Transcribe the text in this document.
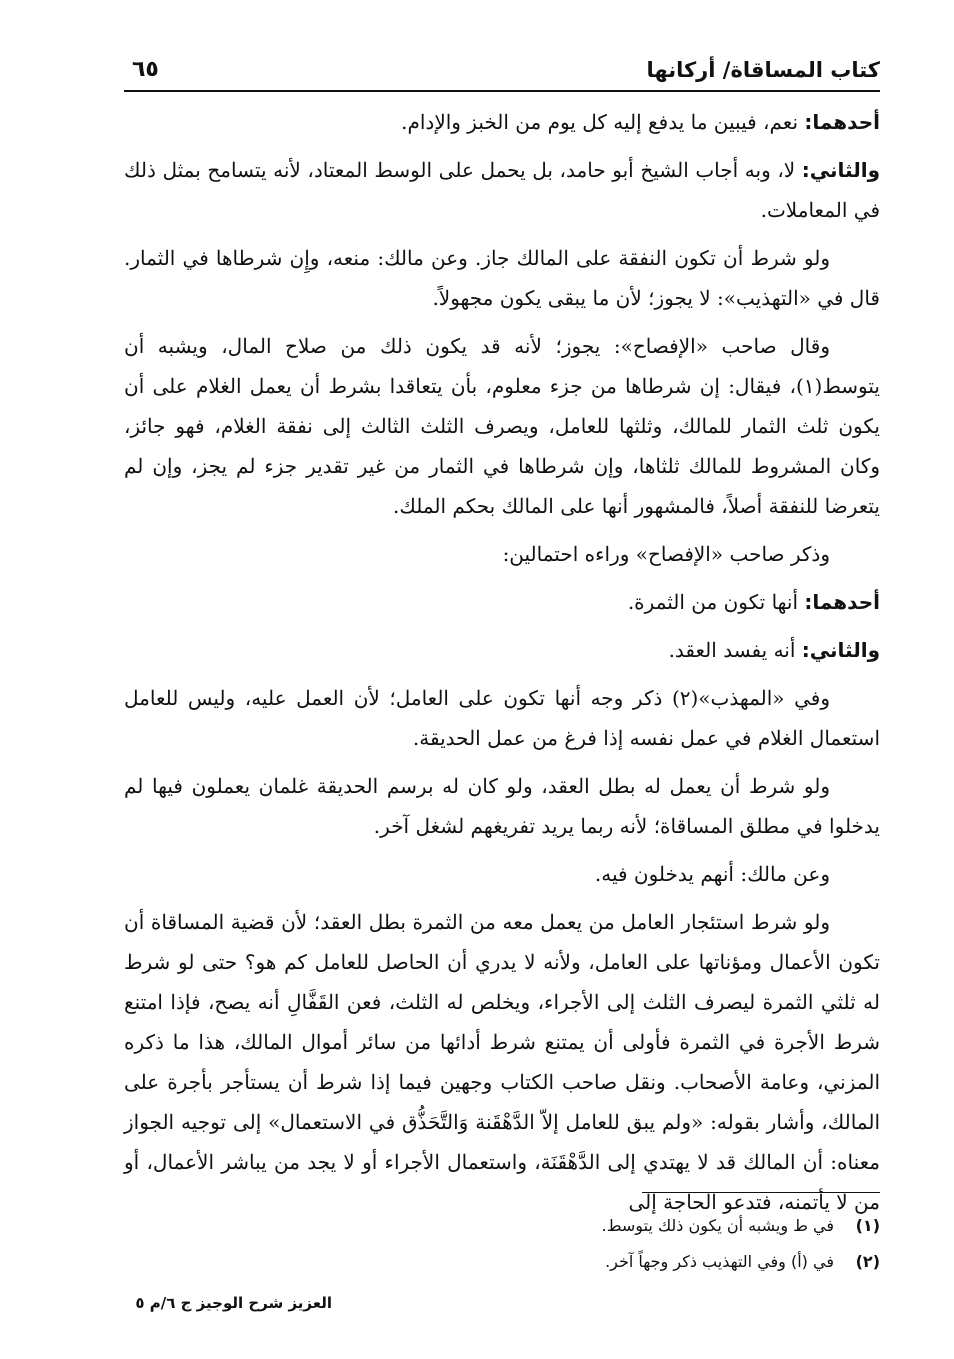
كتاب المساقاة/ أركانها
٦٥

أحدهما: نعم، فيبين ما يدفع إليه كل يوم من الخبز والإدام.

والثاني: لا، وبه أجاب الشيخ أبو حامد، بل يحمل على الوسط المعتاد، لأنه يتسامح بمثل ذلك في المعاملات.

ولو شرط أن تكون النفقة على المالك جاز. وعن مالك: منعه، وإِن شرطاها في الثمار. قال في «التهذيب»: لا يجوز؛ لأن ما يبقى يكون مجهولاً.

وقال صاحب «الإفصاح»: يجوز؛ لأنه قد يكون ذلك من صلاح المال، ويشبه أن يتوسط(١)، فيقال: إن شرطاها من جزء معلوم، بأن يتعاقدا بشرط أن يعمل الغلام على أن يكون ثلث الثمار للمالك، وثلثها للعامل، ويصرف الثلث الثالث إلى نفقة الغلام، فهو جائز، وكان المشروط للمالك ثلثاها، وإن شرطاها في الثمار من غير تقدير جزء لم يجز، وإن لم يتعرضا للنفقة أصلاً، فالمشهور أنها على المالك بحكم الملك.

وذكر صاحب «الإفصاح» وراءه احتمالين:

أحدهما: أنها تكون من الثمرة.

والثاني: أنه يفسد العقد.

وفي «المهذب»(٢) ذكر وجه أنها تكون على العامل؛ لأن العمل عليه، وليس للعامل استعمال الغلام في عمل نفسه إذا فرغ من عمل الحديقة.

ولو شرط أن يعمل له بطل العقد، ولو كان له برسم الحديقة غلمان يعملون فيها لم يدخلوا في مطلق المساقاة؛ لأنه ربما يريد تفريغهم لشغل آخر.

وعن مالك: أنهم يدخلون فيه.

ولو شرط استئجار العامل من يعمل معه من الثمرة بطل العقد؛ لأن قضية المساقاة أن تكون الأعمال ومؤناتها على العامل، ولأنه لا يدري أن الحاصل للعامل كم هو؟ حتى لو شرط له ثلثي الثمرة ليصرف الثلث إلى الأجراء، ويخلص له الثلث، فعن القَفَّالِ أنه يصح، فإذا امتنع شرط الأجرة في الثمرة فأولى أن يمتنع شرط أدائها من سائر أموال المالك، هذا ما ذكره المزني، وعامة الأصحاب. ونقل صاحب الكتاب وجهين فيما إذا شرط أن يستأجر بأجرة على المالك، وأشار بقوله: «ولم يبق للعامل إلاّ الدَّهْقَنة وَالتَّحَذُّق في الاستعمال» إلى توجيه الجواز معناه: أن المالك قد لا يهتدي إلى الدَّهْقَنَة، واستعمال الأجراء أو لا يجد من يباشر الأعمال، أو من لا يأتمنه، فتدعو الحاجة إلى

(١)في ط ويشبه أن يكون ذلك يتوسط.
(٢)في (أ) وفي التهذيب ذكر وجهاً آخر.
العزيز شرح الوجيز ج ٦/م ٥
